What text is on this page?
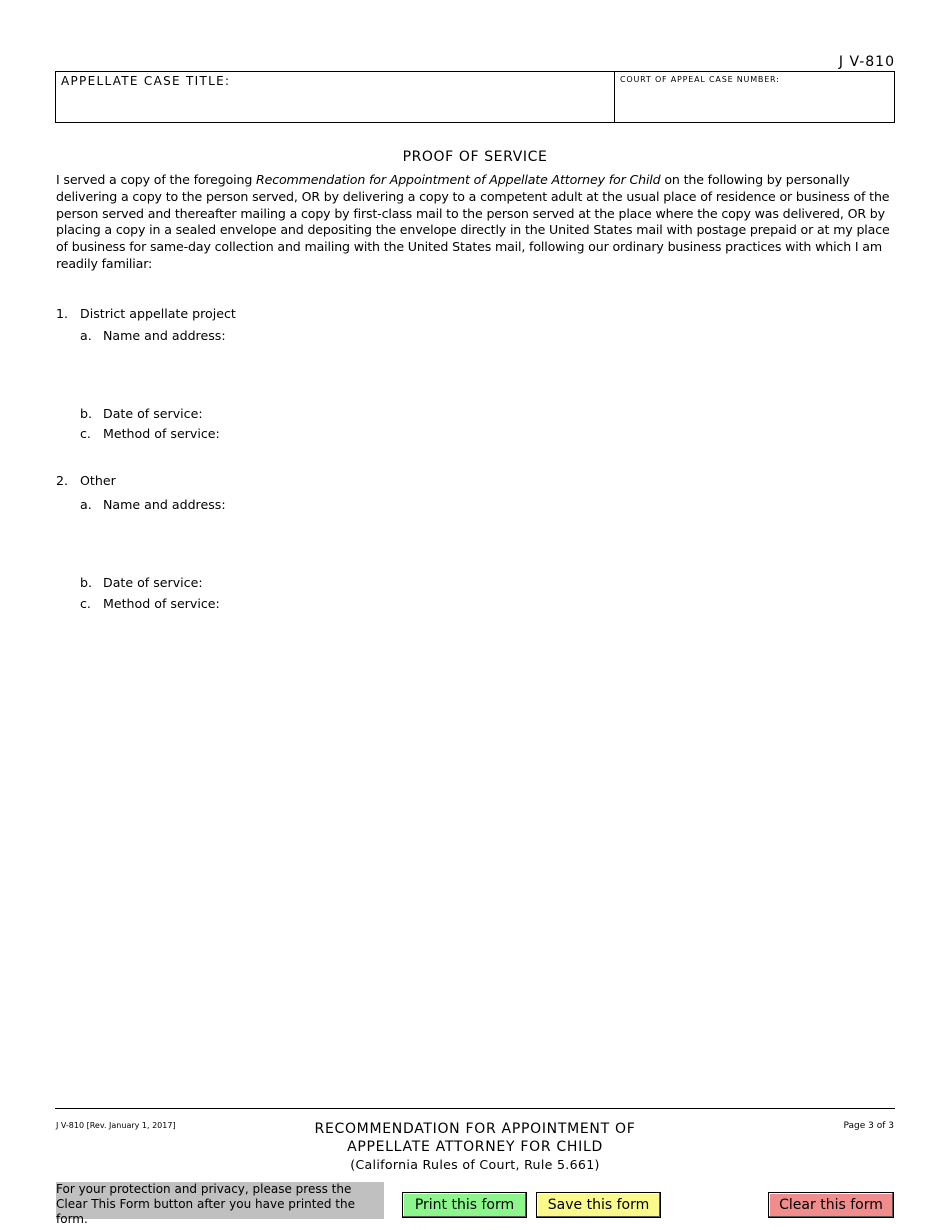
J V-810
APPELLATE CASE TITLE:	COURT OF APPEAL CASE NUMBER:
PROOF OF SERVICE
I served a copy of the foregoing Recommendation for Appointment of Appellate Attorney for Child on the following by personally delivering a copy to the person served, OR by delivering a copy to a competent adult at the usual place of residence or business of the person served and thereafter mailing a copy by first-class mail to the person served at the place where the copy was delivered, OR by placing a copy in a sealed envelope and depositing the envelope directly in the United States mail with postage prepaid or at my place of business for same-day collection and mailing with the United States mail, following our ordinary business practices with which I am readily familiar:
1. District appellate project
a. Name and address:
b. Date of service:
c. Method of service:
2. Other
a. Name and address:
b. Date of service:
c. Method of service:
J V-810 [Rev. January 1, 2017]	RECOMMENDATION FOR APPOINTMENT OF
APPELLATE ATTORNEY FOR CHILD
(California Rules of Court, Rule 5.661)
Page 3 of 3
For your protection and privacy, please press the Clear This Form button after you have printed the form.
Print this form	Save this form	Clear this form
